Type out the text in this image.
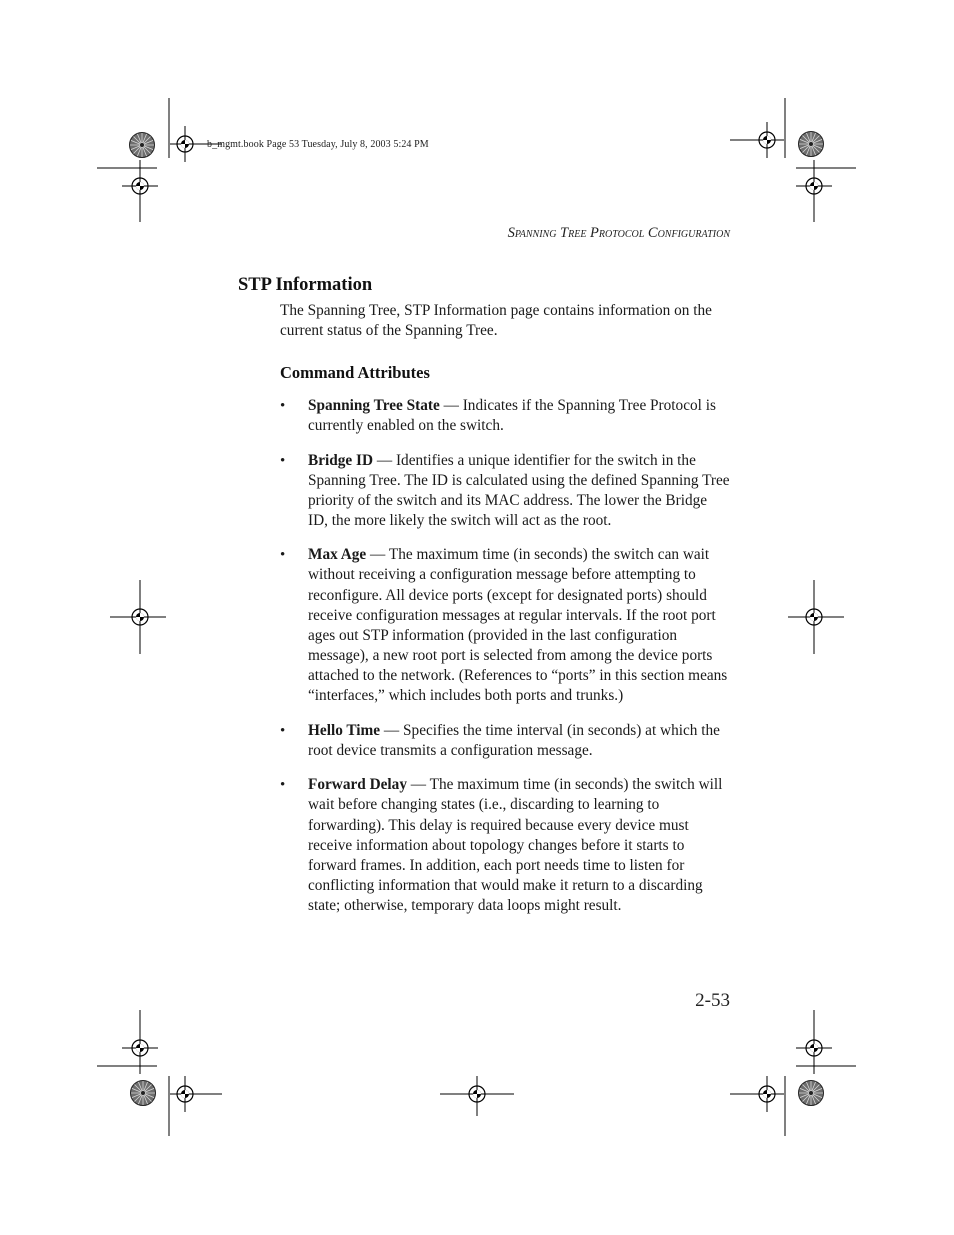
b_mgmt.book Page 53 Tuesday, July 8, 2003 5:24 PM
Spanning Tree Protocol Configuration
STP Information
The Spanning Tree, STP Information page contains information on the current status of the Spanning Tree.
Command Attributes
• Spanning Tree State — Indicates if the Spanning Tree Protocol is currently enabled on the switch.
• Bridge ID — Identifies a unique identifier for the switch in the Spanning Tree. The ID is calculated using the defined Spanning Tree priority of the switch and its MAC address. The lower the Bridge ID, the more likely the switch will act as the root.
• Max Age — The maximum time (in seconds) the switch can wait without receiving a configuration message before attempting to reconfigure. All device ports (except for designated ports) should receive configuration messages at regular intervals. If the root port ages out STP information (provided in the last configuration message), a new root port is selected from among the device ports attached to the network. (References to “ports” in this section means “interfaces,” which includes both ports and trunks.)
• Hello Time — Specifies the time interval (in seconds) at which the root device transmits a configuration message.
• Forward Delay — The maximum time (in seconds) the switch will wait before changing states (i.e., discarding to learning to forwarding). This delay is required because every device must receive information about topology changes before it starts to forward frames. In addition, each port needs time to listen for conflicting information that would make it return to a discarding state; otherwise, temporary data loops might result.
2-53
